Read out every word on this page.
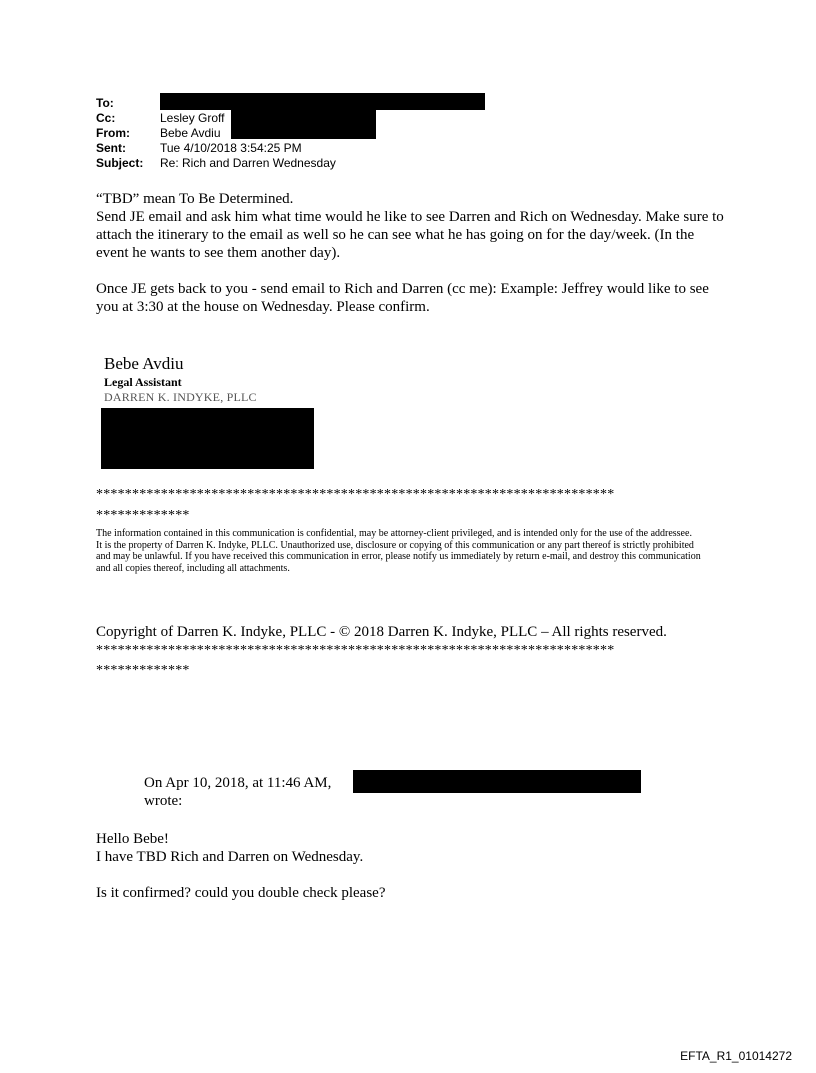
To:
Cc:	Lesley Groff
From:	Bebe Avdiu
Sent:	Tue 4/10/2018 3:54:25 PM
Subject: Re: Rich and Darren Wednesday

“TBD” mean To Be Determined.

Send JE email and ask him what time would he like to see Darren and Rich on Wednesday. Make sure to attach the itinerary to the email as well so he can see what he has going on for the day/week. (In the event he wants to see them another day).

Once JE gets back to you - send email to Rich and Darren (cc me): Example: Jeffrey would like to see you at 3:30 at the house on Wednesday. Please confirm.

Bebe Avdiu
Legal Assistant
DARREN K. INDYKE, PLLC
************************************************************************
*************

The information contained in this communication is confidential, may be attorney-client privileged, and is intended only for the use of the addressee.

It is the property of Darren K. Indyke, PLLC. Unauthorized use, disclosure or copying of this communication or any part thereof is strictly prohibited

and may be unlawful. If you have received this communication in error, please notify us immediately by return e-mail, and destroy this communication

and all copies thereof, including all attachments.

Copyright of Darren K. Indyke, PLLC - © 2018 Darren K. Indyke, PLLC – All rights reserved.
************************************************************************
*************
On Apr 10, 2018, at 11:46 AM,
wrote:
Hello Bebe!
I have TBD Rich and Darren on Wednesday.
Is it confirmed? could you double check please?
EFTA_R1_01014272
